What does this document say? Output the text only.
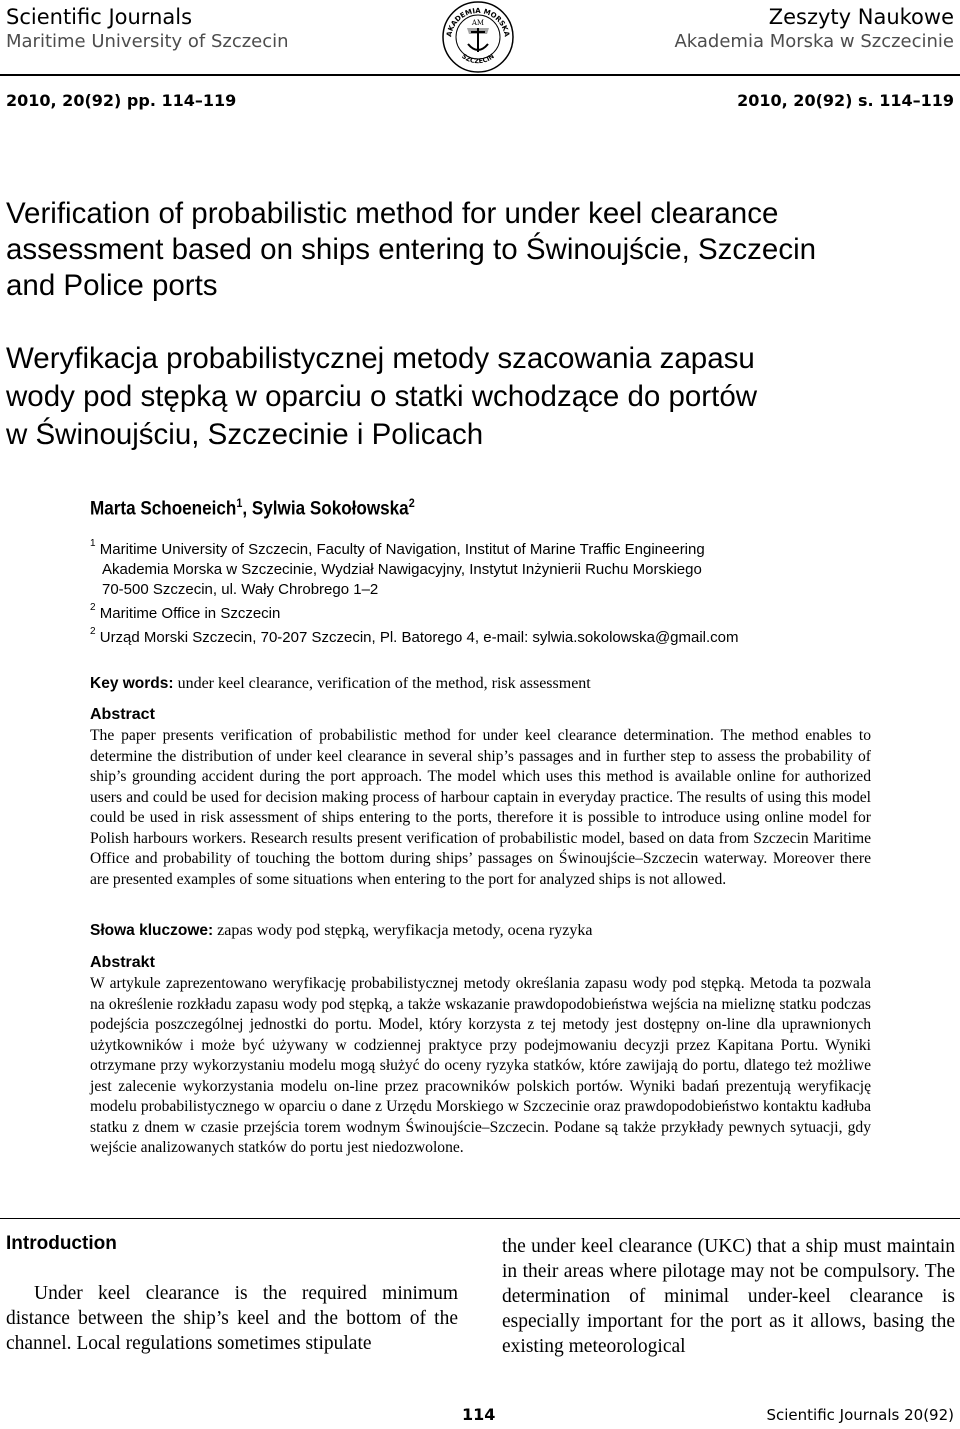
Scientific Journals
Maritime University of Szczecin	AKADEMIA MORSKA
SZCZECIN
AM	Zeszyty Naukowe
Akademia Morska w Szczecinie
2010, 20(92) pp. 114–119	2010, 20(92) s. 114–119
Verification of probabilistic method for under keel clearance
assessment based on ships entering to Świnoujście, Szczecin
and Police ports
Weryfikacja probabilistycznej metody szacowania zapasu
wody pod stępką w oparciu o statki wchodzące do portów
w Świnoujściu, Szczecinie i Policach
Marta Schoeneich$^1$, Sylwia Sokołowska$^2$
$^1$ Maritime University of Szczecin, Faculty of Navigation, Institut of Marine Traffic Engineering
Akademia Morska w Szczecinie, Wydział Nawigacyjny, Instytut Inżynierii Ruchu Morskiego
70-500 Szczecin, ul. Wały Chrobrego 1–2
$^2$ Maritime Office in Szczecin
$^2$ Urząd Morski Szczecin, 70-207 Szczecin, Pl. Batorego 4, e-mail: sylwia.sokolowska@gmail.com
Key words: under keel clearance, verification of the method, risk assessment
Abstract
The paper presents verification of probabilistic method for under keel clearance determination. The method enables to determine the distribution of under keel clearance in several ship’s passages and in further step to assess the probability of ship’s grounding accident during the port approach. The model which uses this method is available online for authorized users and could be used for decision making process of harbour captain in everyday practice. The results of using this model could be used in risk assessment of ships entering to the ports, therefore it is possible to introduce using online model for Polish harbours workers. Research results present verification of probabilistic model, based on data from Szczecin Maritime Office and probability of touching the bottom during ships’ passages on Świnoujście–Szczecin waterway. Moreover there are presented examples of some situations when entering to the port for analyzed ships is not allowed.
Słowa kluczowe: zapas wody pod stępką, weryfikacja metody, ocena ryzyka
Abstrakt
W artykule zaprezentowano weryfikację probabilistycznej metody określania zapasu wody pod stępką. Metoda ta pozwala na określenie rozkładu zapasu wody pod stępką, a także wskazanie prawdopodobieństwa wejścia na mieliznę statku podczas podejścia poszczególnej jednostki do portu. Model, który korzysta z tej metody jest dostępny on-line dla uprawnionych użytkowników i może być używany w codziennej praktyce przy podejmowaniu decyzji przez Kapitana Portu. Wyniki otrzymane przy wykorzystaniu modelu mogą służyć do oceny ryzyka statków, które zawijają do portu, dlatego też możliwe jest zalecenie wykorzystania modelu on-line przez pracowników polskich portów. Wyniki badań prezentują weryfikację modelu probabilistycznego w oparciu o dane z Urzędu Morskiego w Szczecinie oraz prawdopodobieństwo kontaktu kadłuba statku z dnem w czasie przejścia torem wodnym Świnoujście–Szczecin. Podane są także przykłady pewnych sytuacji, gdy wejście analizowanych statków do portu jest niedozwolone.
Introduction
Under keel clearance is the required minimum distance between the ship’s keel and the bottom of the channel. Local regulations sometimes stipulate
the under keel clearance (UKC) that a ship must maintain in their areas where pilotage may not be compulsory. The determination of minimal under-keel clearance is especially important for the port as it allows, basing the existing meteorological
114	Scientific Journals 20(92)
